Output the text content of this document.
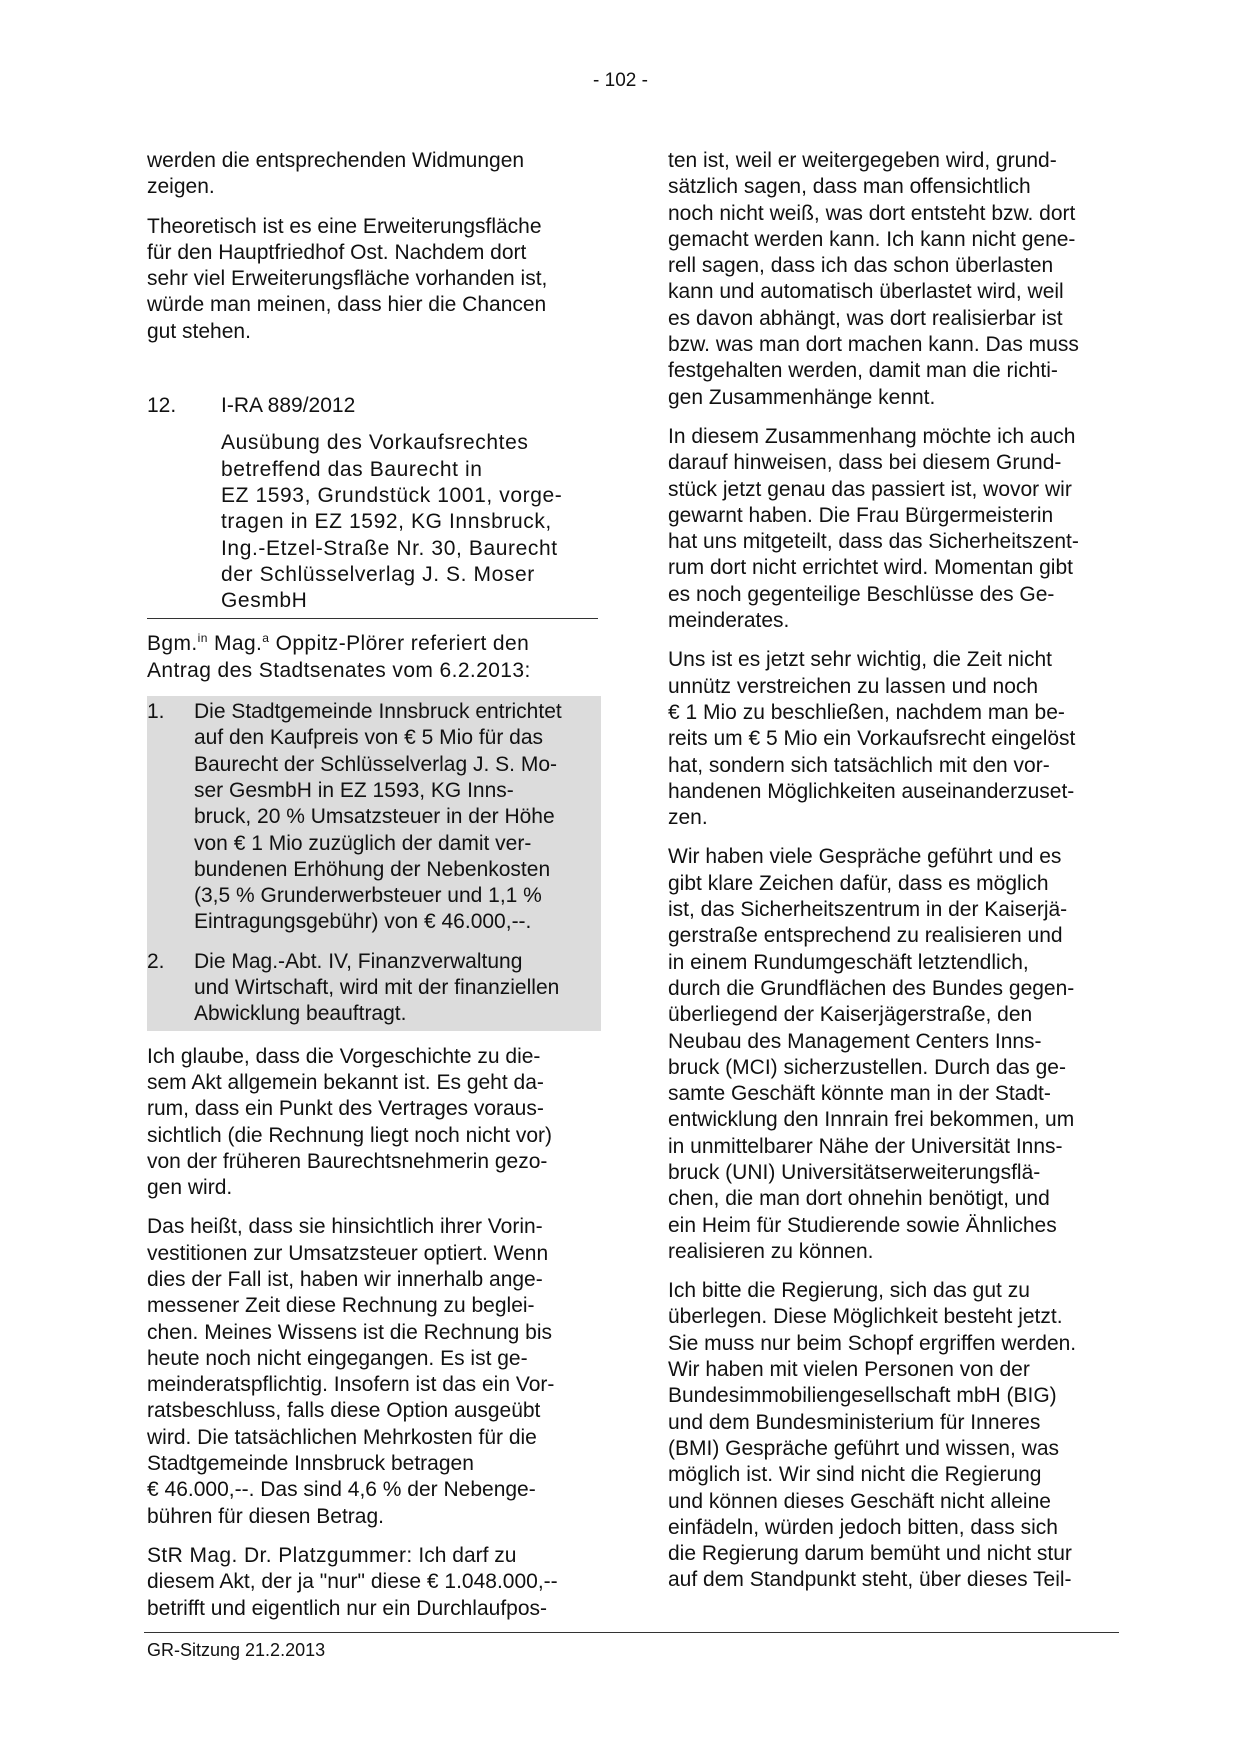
- 102 -

werden die entsprechenden Widmungen
zeigen.

Theoretisch ist es eine Erweiterungsfläche
für den Hauptfriedhof Ost. Nachdem dort
sehr viel Erweiterungsfläche vorhanden ist,
würde man meinen, dass hier die Chancen
gut stehen.

12.	I-RA 889/2012
Ausübung des Vorkaufsrechtes
betreffend das Baurecht in
EZ 1593, Grundstück 1001, vorge-
tragen in EZ 1592, KG Innsbruck,
Ing.-Etzel-Straße Nr. 30, Baurecht
der Schlüsselverlag J. S. Moser
GesmbH

Bgm.$^{in}$ Mag.$^a$ Oppitz-Plörer referiert den
Antrag des Stadtsenates vom 6.2.2013:

1.	Die Stadtgemeinde Innsbruck entrichtet
auf den Kaufpreis von € 5 Mio für das
Baurecht der Schlüsselverlag J. S. Mo-
ser GesmbH in EZ 1593, KG Inns-
bruck, 20 % Umsatzsteuer in der Höhe
von € 1 Mio zuzüglich der damit ver-
bundenen Erhöhung der Nebenkosten
(3,5 % Grunderwerbsteuer und 1,1 %
Eintragungsgebühr) von € 46.000,--.
2.	Die Mag.-Abt. IV, Finanzverwaltung
und Wirtschaft, wird mit der finanziellen
Abwicklung beauftragt.

Ich glaube, dass die Vorgeschichte zu die-
sem Akt allgemein bekannt ist. Es geht da-
rum, dass ein Punkt des Vertrages voraus-
sichtlich (die Rechnung liegt noch nicht vor)
von der früheren Baurechtsnehmerin gezo-
gen wird.

Das heißt, dass sie hinsichtlich ihrer Vorin-
vestitionen zur Umsatzsteuer optiert. Wenn
dies der Fall ist, haben wir innerhalb ange-
messener Zeit diese Rechnung zu beglei-
chen. Meines Wissens ist die Rechnung bis
heute noch nicht eingegangen. Es ist ge-
meinderatspflichtig. Insofern ist das ein Vor-
ratsbeschluss, falls diese Option ausgeübt
wird. Die tatsächlichen Mehrkosten für die
Stadtgemeinde Innsbruck betragen
€ 46.000,--. Das sind 4,6 % der Nebenge-
bühren für diesen Betrag.

StR Mag. Dr. Platzgummer: Ich darf zu
diesem Akt, der ja "nur" diese € 1.048.000,--
betrifft und eigentlich nur ein Durchlaufpos-

ten ist, weil er weitergegeben wird, grund-
sätzlich sagen, dass man offensichtlich
noch nicht weiß, was dort entsteht bzw. dort
gemacht werden kann. Ich kann nicht gene-
rell sagen, dass ich das schon überlasten
kann und automatisch überlastet wird, weil
es davon abhängt, was dort realisierbar ist
bzw. was man dort machen kann. Das muss
festgehalten werden, damit man die richti-
gen Zusammenhänge kennt.

In diesem Zusammenhang möchte ich auch
darauf hinweisen, dass bei diesem Grund-
stück jetzt genau das passiert ist, wovor wir
gewarnt haben. Die Frau Bürgermeisterin
hat uns mitgeteilt, dass das Sicherheitszent-
rum dort nicht errichtet wird. Momentan gibt
es noch gegenteilige Beschlüsse des Ge-
meinderates.

Uns ist es jetzt sehr wichtig, die Zeit nicht
unnütz verstreichen zu lassen und noch
€ 1 Mio zu beschließen, nachdem man be-
reits um € 5 Mio ein Vorkaufsrecht eingelöst
hat, sondern sich tatsächlich mit den vor-
handenen Möglichkeiten auseinanderzuset-
zen.

Wir haben viele Gespräche geführt und es
gibt klare Zeichen dafür, dass es möglich
ist, das Sicherheitszentrum in der Kaiserjä-
gerstraße entsprechend zu realisieren und
in einem Rundumgeschäft letztendlich,
durch die Grundflächen des Bundes gegen-
überliegend der Kaiserjägerstraße, den
Neubau des Management Centers Inns-
bruck (MCI) sicherzustellen. Durch das ge-
samte Geschäft könnte man in der Stadt-
entwicklung den Innrain frei bekommen, um
in unmittelbarer Nähe der Universität Inns-
bruck (UNI) Universitätserweiterungsflä-
chen, die man dort ohnehin benötigt, und
ein Heim für Studierende sowie Ähnliches
realisieren zu können.

Ich bitte die Regierung, sich das gut zu
überlegen. Diese Möglichkeit besteht jetzt.
Sie muss nur beim Schopf ergriffen werden.
Wir haben mit vielen Personen von der
Bundesimmobiliengesellschaft mbH (BIG)
und dem Bundesministerium für Inneres
(BMI) Gespräche geführt und wissen, was
möglich ist. Wir sind nicht die Regierung
und können dieses Geschäft nicht alleine
einfädeln, würden jedoch bitten, dass sich
die Regierung darum bemüht und nicht stur
auf dem Standpunkt steht, über dieses Teil-

GR-Sitzung 21.2.2013
